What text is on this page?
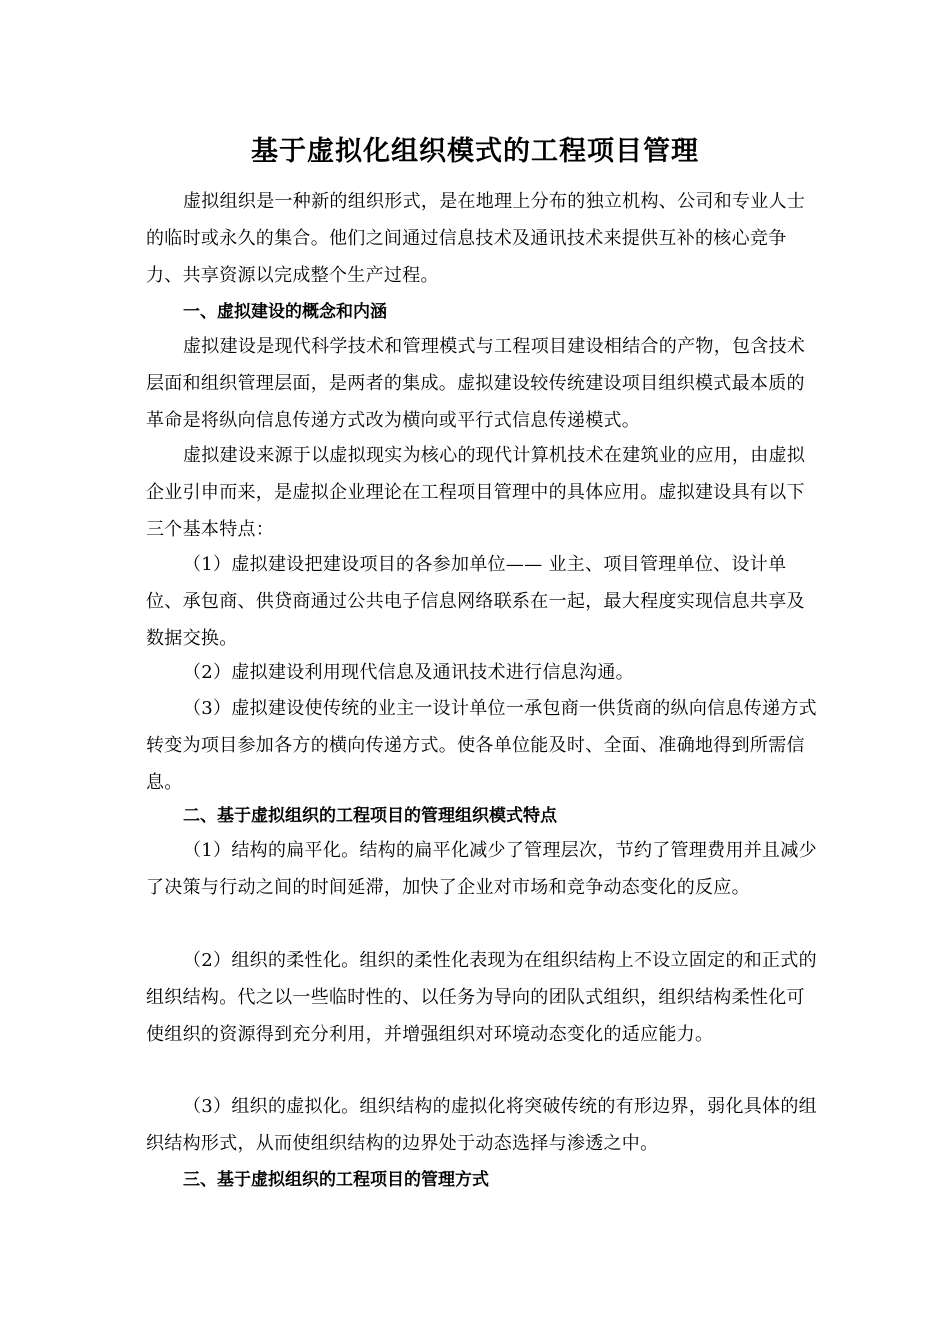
基于虚拟化组织模式的工程项目管理

虚拟组织是一种新的组织形式，是在地理上分布的独立机构、公司和专业人士的临时或永久的集合。他们之间通过信息技术及通讯技术来提供互补的核心竞争力、共享资源以完成整个生产过程。

一、虚拟建设的概念和内涵

虚拟建设是现代科学技术和管理模式与工程项目建设相结合的产物，包含技术层面和组织管理层面，是两者的集成。虚拟建设较传统建设项目组织模式最本质的革命是将纵向信息传递方式改为横向或平行式信息传递模式。

虚拟建设来源于以虚拟现实为核心的现代计算机技术在建筑业的应用，由虚拟企业引申而来，是虚拟企业理论在工程项目管理中的具体应用。虚拟建设具有以下三个基本特点：

（1）虚拟建设把建设项目的各参加单位—— 业主、项目管理单位、设计单位、承包商、供贷商通过公共电子信息网络联系在一起，最大程度实现信息共享及数据交换。

（2）虚拟建设利用现代信息及通讯技术进行信息沟通。

（3）虚拟建设使传统的业主一设计单位一承包商一供货商的纵向信息传递方式转变为项目参加各方的横向传递方式。使各单位能及时、全面、准确地得到所需信息。

二、基于虚拟组织的工程项目的管理组织模式特点

（1）结构的扁平化。结构的扁平化减少了管理层次，节约了管理费用并且减少了决策与行动之间的时间延滞，加快了企业对市场和竞争动态变化的反应。

（2）组织的柔性化。组织的柔性化表现为在组织结构上不设立固定的和正式的组织结构。代之以一些临时性的、以任务为导向的团队式组织，组织结构柔性化可使组织的资源得到充分利用，并增强组织对环境动态变化的适应能力。

（3）组织的虚拟化。组织结构的虚拟化将突破传统的有形边界，弱化具体的组织结构形式，从而使组织结构的边界处于动态选择与渗透之中。

三、基于虚拟组织的工程项目的管理方式
